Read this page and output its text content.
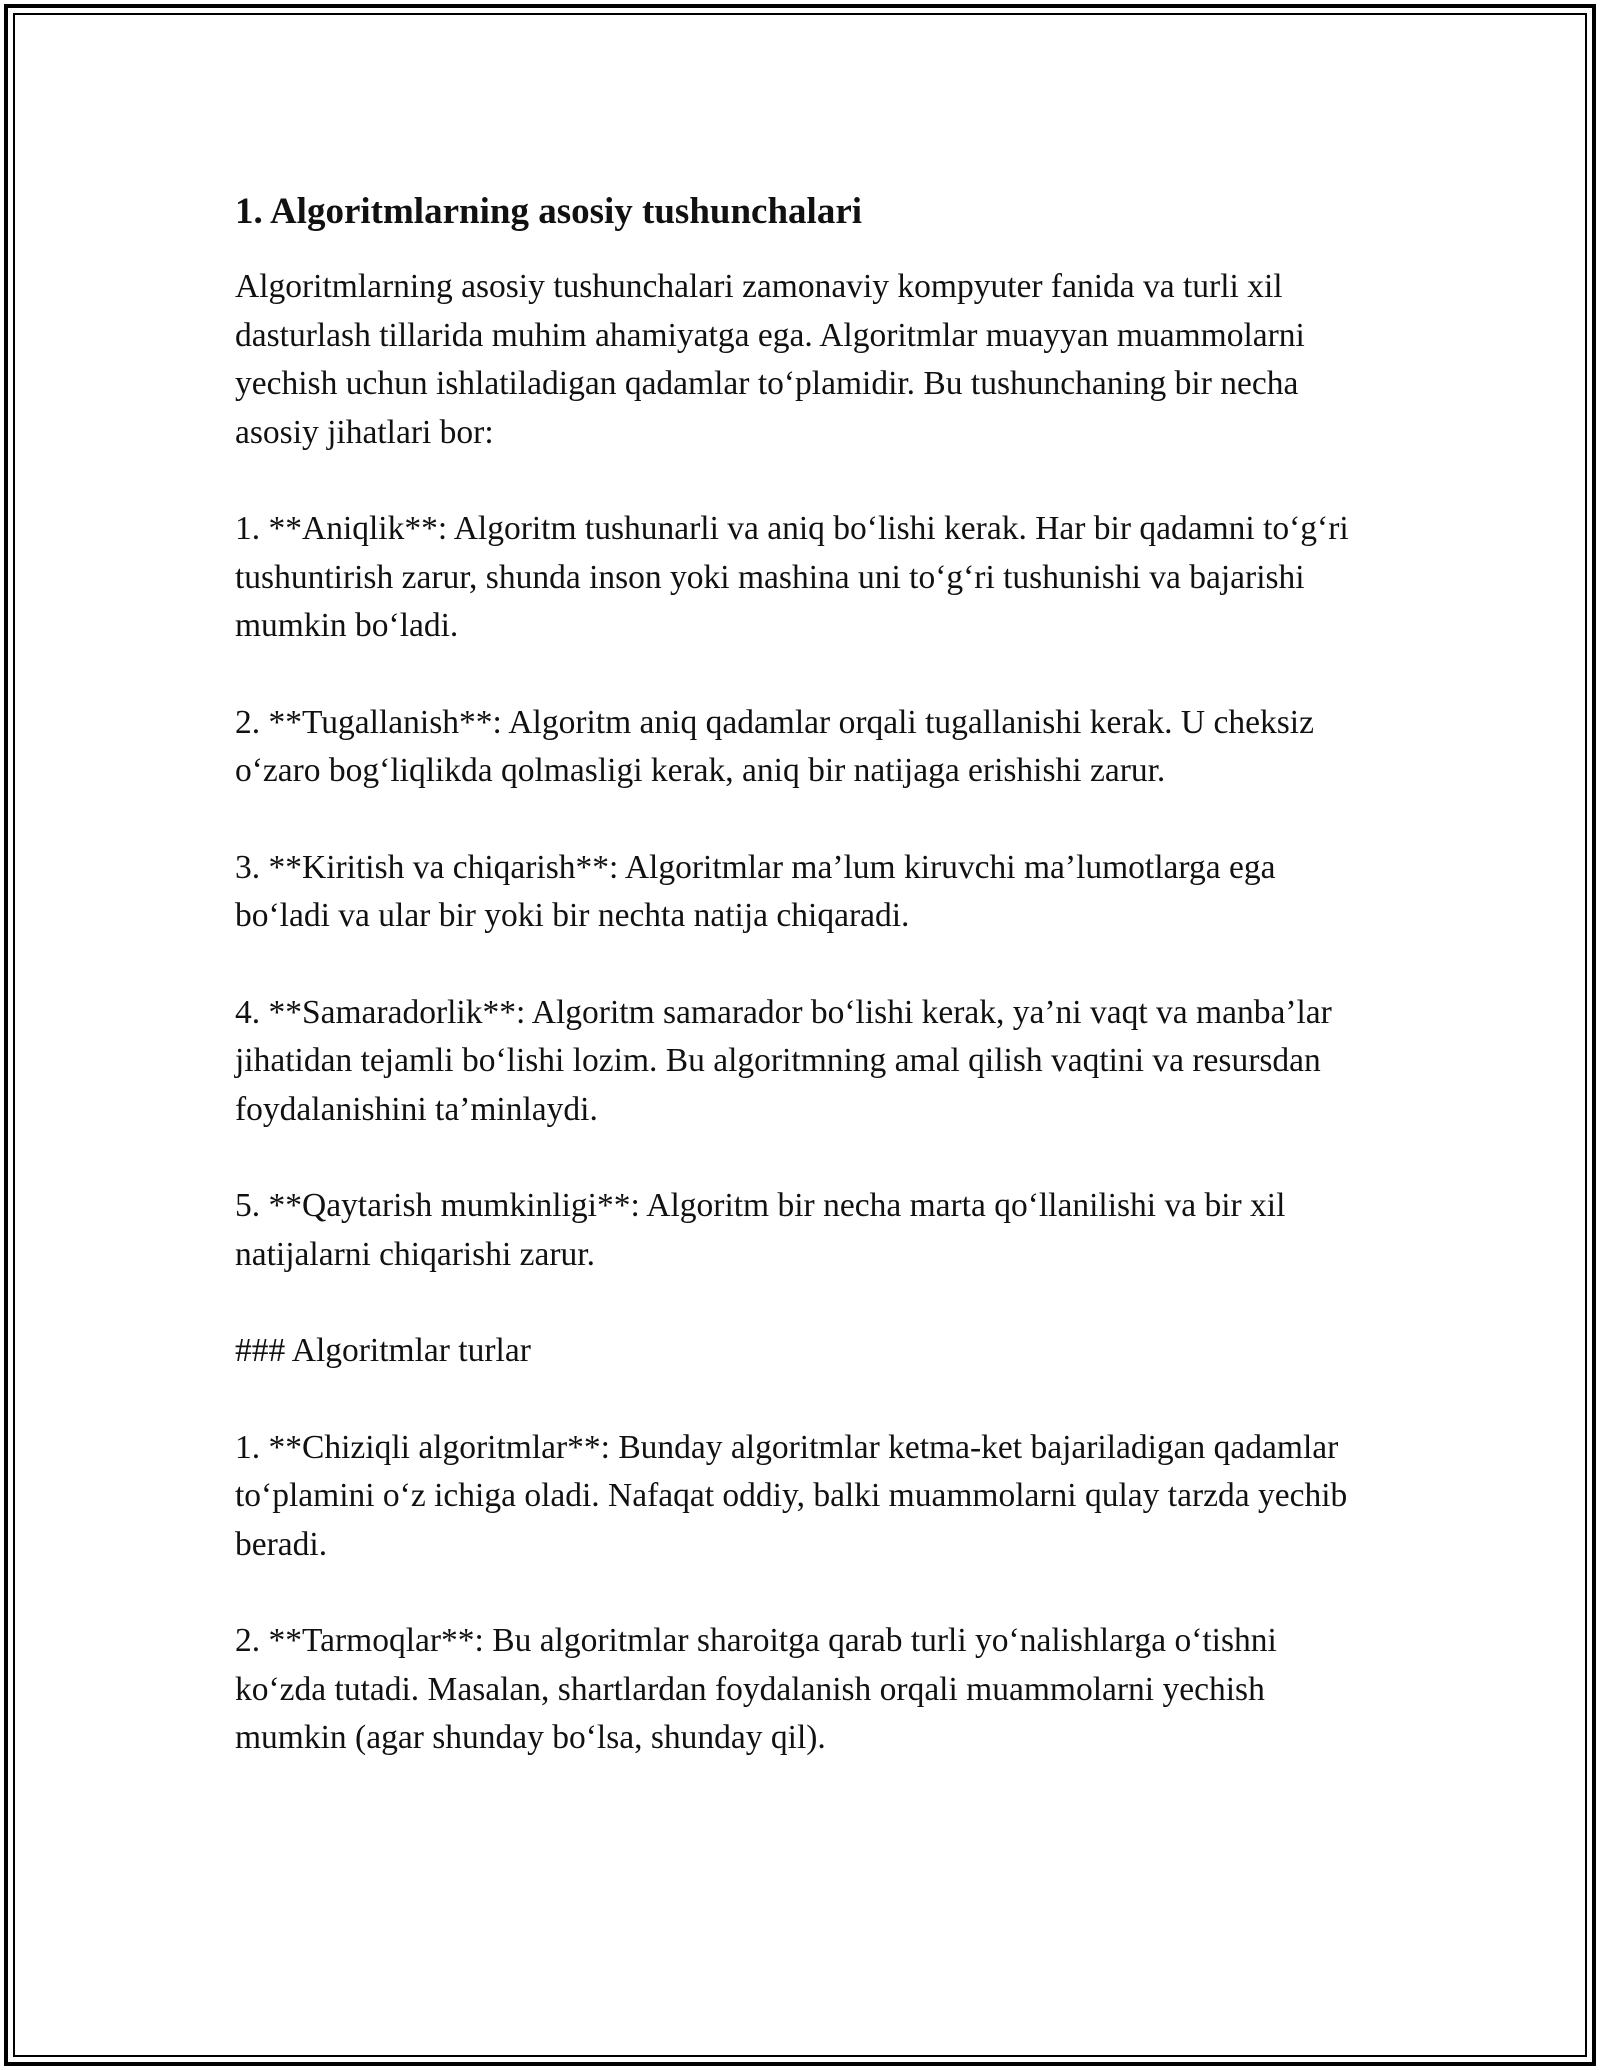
1. Algoritmlarning asosiy tushunchalari

Algoritmlarning asosiy tushunchalari zamonaviy kompyuter fanida va turli xil dasturlash tillarida muhim ahamiyatga ega. Algoritmlar muayyan muammolarni yechish uchun ishlatiladigan qadamlar to‘plamidir. Bu tushunchaning bir necha asosiy jihatlari bor:

1. **Aniqlik**: Algoritm tushunarli va aniq bo‘lishi kerak. Har bir qadamni to‘g‘ri tushuntirish zarur, shunda inson yoki mashina uni to‘g‘ri tushunishi va bajarishi mumkin bo‘ladi.

2. **Tugallanish**: Algoritm aniq qadamlar orqali tugallanishi kerak. U cheksiz o‘zaro bog‘liqlikda qolmasligi kerak, aniq bir natijaga erishishi zarur.

3. **Kiritish va chiqarish**: Algoritmlar ma’lum kiruvchi ma’lumotlarga ega bo‘ladi va ular bir yoki bir nechta natija chiqaradi.

4. **Samaradorlik**: Algoritm samarador bo‘lishi kerak, ya’ni vaqt va manba’lar jihatidan tejamli bo‘lishi lozim. Bu algoritmning amal qilish vaqtini va resursdan foydalanishini ta’minlaydi.

5. **Qaytarish mumkinligi**: Algoritm bir necha marta qo‘llanilishi va bir xil natijalarni chiqarishi zarur.

### Algoritmlar turlar

1. **Chiziqli algoritmlar**: Bunday algoritmlar ketma-ket bajariladigan qadamlar to‘plamini o‘z ichiga oladi. Nafaqat oddiy, balki muammolarni qulay tarzda yechib beradi.

2. **Tarmoqlar**: Bu algoritmlar sharoitga qarab turli yo‘nalishlarga o‘tishni ko‘zda tutadi. Masalan, shartlardan foydalanish orqali muammolarni yechish mumkin (agar shunday bo‘lsa, shunday qil).
